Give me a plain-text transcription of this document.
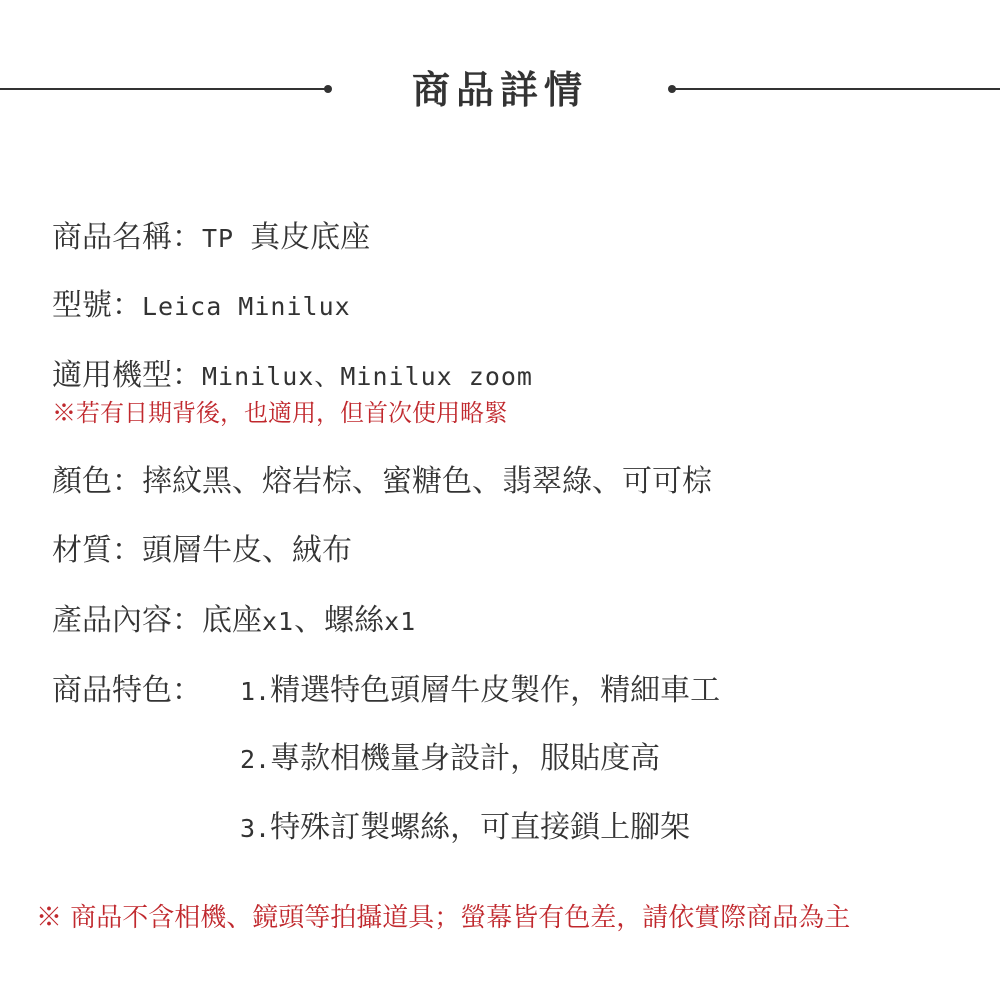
商品詳情
商品名稱：TP 真皮底座
型號：Leica Minilux
適用機型：Minilux、Minilux zoom
※若有日期背後，也適用，但首次使用略緊
顏色：摔紋黑、熔岩棕、蜜糖色、翡翠綠、可可棕
材質：頭層牛皮、絨布
產品內容：底座x1、螺絲x1
商品特色： 1.精選特色頭層牛皮製作，精細車工
2.專款相機量身設計，服貼度高
3.特殊訂製螺絲，可直接鎖上腳架
※ 商品不含相機、鏡頭等拍攝道具；螢幕皆有色差，請依實際商品為主
